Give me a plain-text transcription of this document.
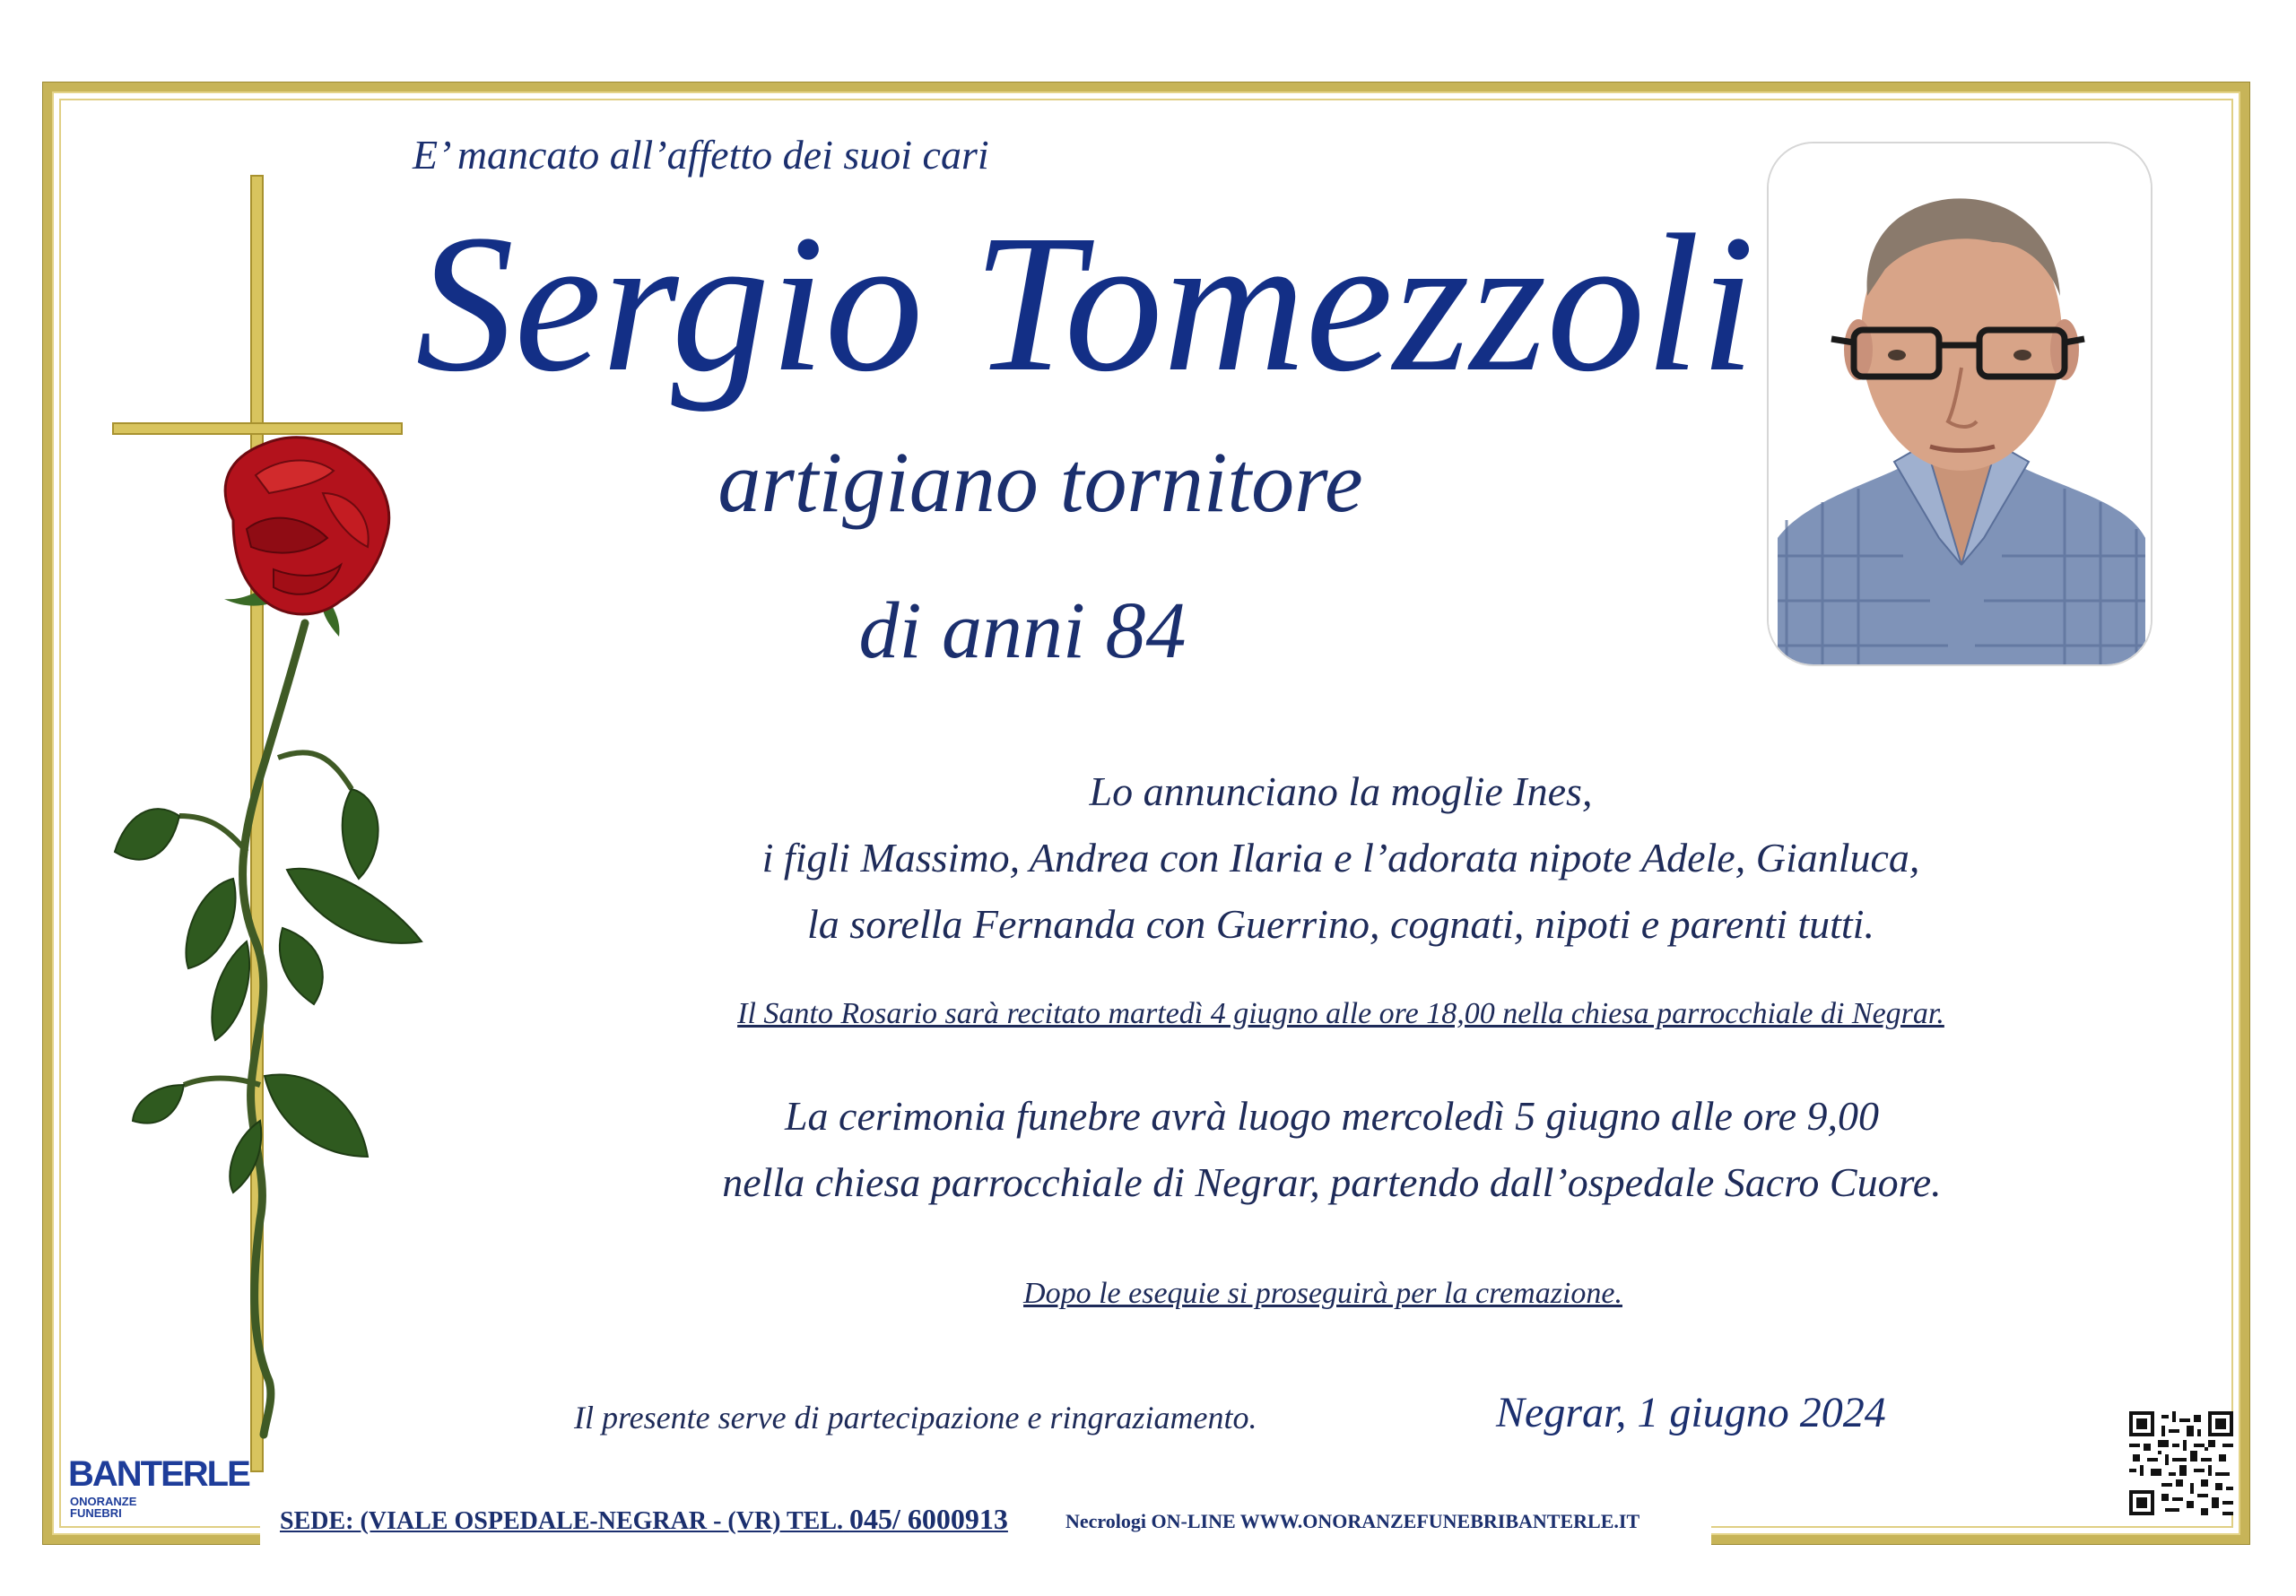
E’ mancato all’affetto dei suoi cari
Sergio Tomezzoli
artigiano tornitore
di anni 84
Lo annunciano la moglie Ines,
i figli Massimo, Andrea con Ilaria e l’adorata nipote Adele, Gianluca,
la sorella Fernanda con Guerrino, cognati, nipoti e parenti tutti.
Il Santo Rosario sarà recitato martedì 4 giugno alle ore 18,00 nella chiesa parrocchiale di Negrar.
La cerimonia funebre avrà luogo mercoledì 5 giugno alle ore 9,00
nella chiesa parrocchiale di Negrar, partendo dall’ospedale Sacro Cuore.
Dopo le esequie si proseguirà per la cremazione.
Il presente serve di partecipazione e ringraziamento.	Negrar, 1 giugno 2024
SEDE: (VIALE OSPEDALE-NEGRAR - (VR) TEL. 045/ 6000913	Necrologi ON-LINE WWW.ONORANZEFUNEBRIBANTERLE.IT
BANTERLE
ONORANZE
FUNEBRI
